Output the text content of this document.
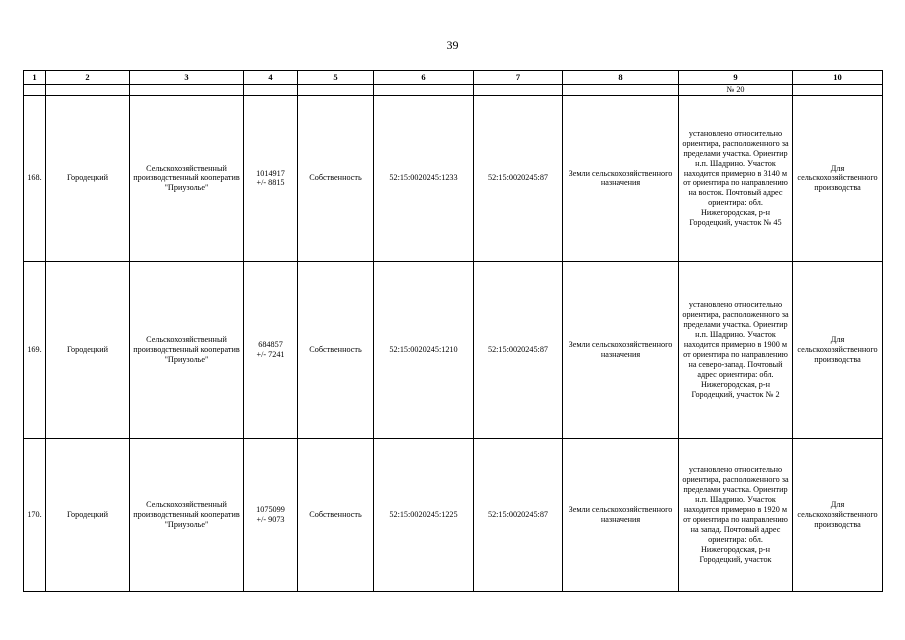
39
1	2	3	4	5	6	7	8	9	10
								№ 20	
168.	Городецкий	Сельскохозяйственный производственный кооператив "Приузолье"	1014917
+/- 8815	Собственность	52:15:0020245:1233	52:15:0020245:87	Земли сельскохозяйственного назначения	установлено относительно ориентира, расположенного за пределами участка. Ориентир н.п. Шадрино. Участок находится примерно в 3140 м от ориентира по направлению на восток. Почтовый адрес ориентира: обл. Нижегородская, р-н Городецкий, участок № 45	Для сельскохозяйственного производства
169.	Городецкий	Сельскохозяйственный производственный кооператив "Приузолье"	684857
+/- 7241	Собственность	52:15:0020245:1210	52:15:0020245:87	Земли сельскохозяйственного назначения	установлено относительно ориентира, расположенного за пределами участка. Ориентир н.п. Шадрино. Участок находится примерно в 1900 м от ориентира по направлению на северо-запад. Почтовый адрес ориентира: обл. Нижегородская, р-н Городецкий, участок № 2	Для сельскохозяйственного производства
170.	Городецкий	Сельскохозяйственный производственный кооператив "Приузолье"	1075099
+/- 9073	Собственность	52:15:0020245:1225	52:15:0020245:87	Земли сельскохозяйственного назначения	установлено относительно ориентира, расположенного за пределами участка. Ориентир н.п. Шадрино. Участок находится примерно в 1920 м от ориентира по направлению на запад. Почтовый адрес ориентира: обл. Нижегородская, р-н Городецкий, участок	Для сельскохозяйственного производства
